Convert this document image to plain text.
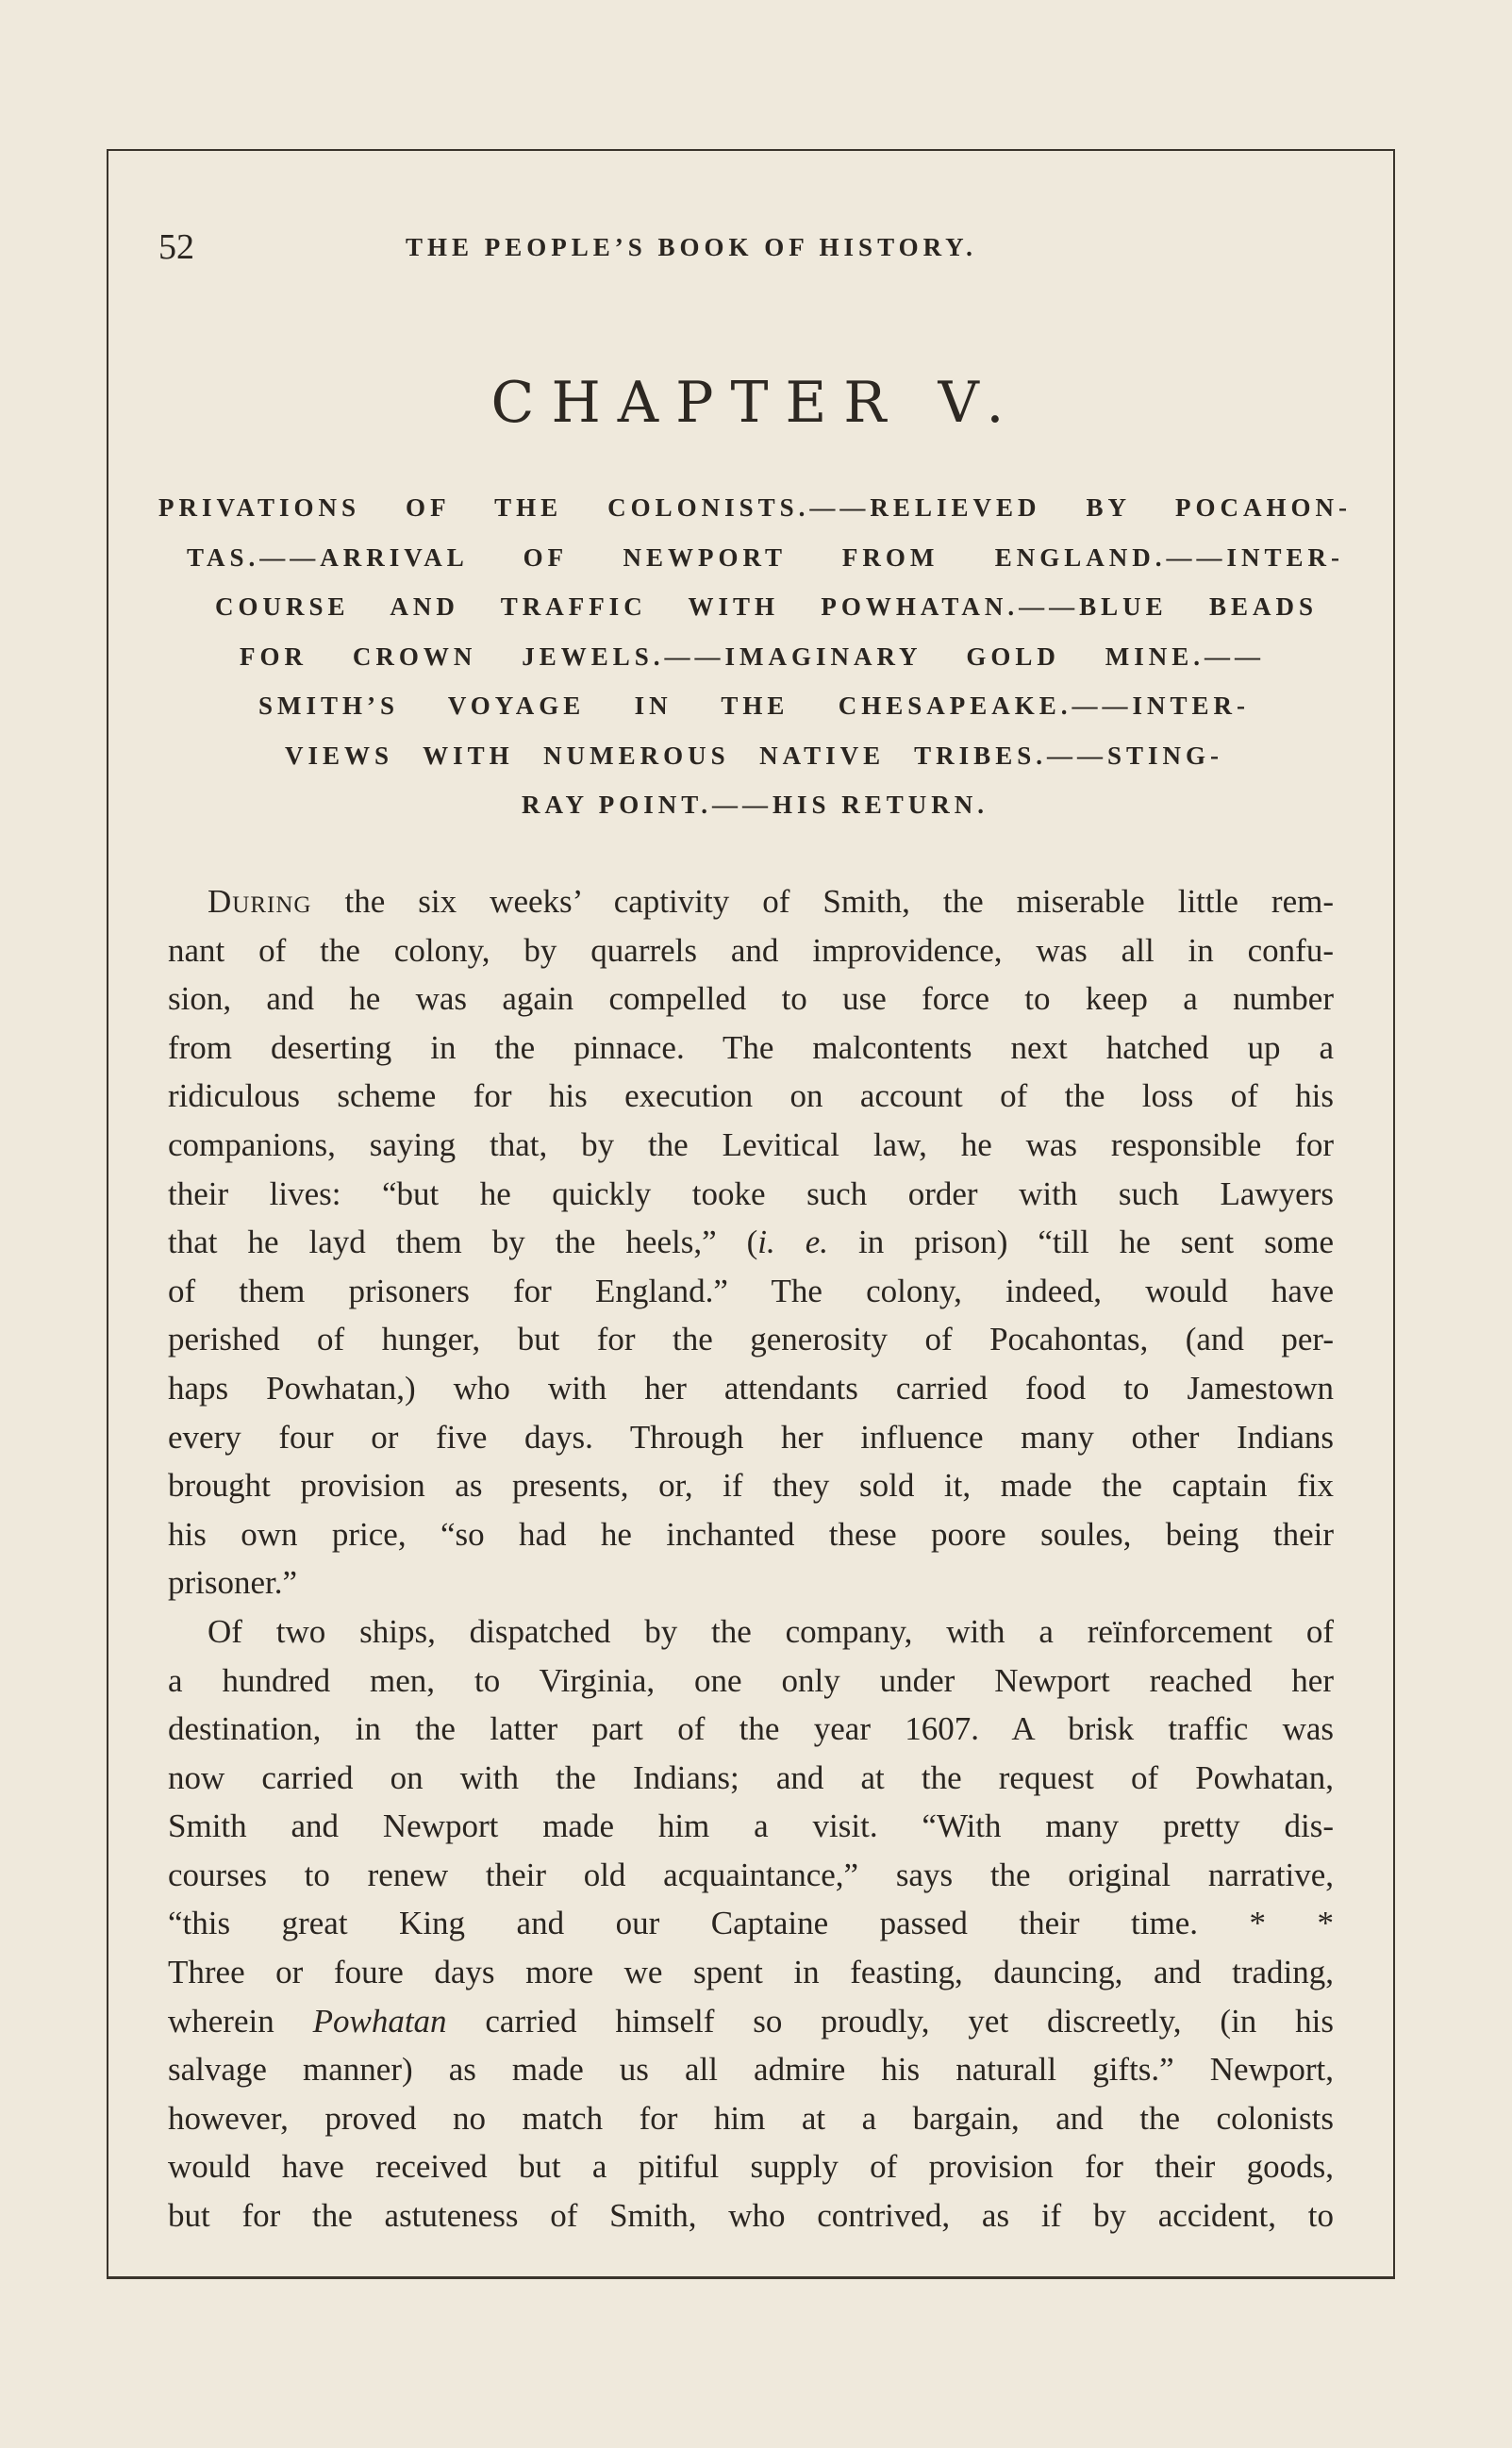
52	THE PEOPLE’S BOOK OF HISTORY.
CHAPTER V.
PRIVATIONS OF THE COLONISTS.——RELIEVED BY POCAHON-
TAS.——ARRIVAL OF NEWPORT FROM ENGLAND.——INTER-
COURSE AND TRAFFIC WITH POWHATAN.——BLUE BEADS
FOR CROWN JEWELS.——IMAGINARY GOLD MINE.——
SMITH’S VOYAGE IN THE CHESAPEAKE.——INTER-
VIEWS WITH NUMEROUS NATIVE TRIBES.——STING-
RAY POINT.——HIS RETURN.

During the six weeks’ captivity of Smith, the miserable little rem-
nant of the colony, by quarrels and improvidence, was all in confu-
sion, and he was again compelled to use force to keep a number
from deserting in the pinnace. The malcontents next hatched up a
ridiculous scheme for his execution on account of the loss of his
companions, saying that, by the Levitical law, he was responsible for
their lives: “but he quickly tooke such order with such Lawyers
that he layd them by the heels,” (i. e. in prison) “till he sent some
of them prisoners for England.” The colony, indeed, would have
perished of hunger, but for the generosity of Pocahontas, (and per-
haps Powhatan,) who with her attendants carried food to Jamestown
every four or five days. Through her influence many other Indians
brought provision as presents, or, if they sold it, made the captain fix
his own price, “so had he inchanted these poore soules, being their
prisoner.”

Of two ships, dispatched by the company, with a reïnforcement of
a hundred men, to Virginia, one only under Newport reached her
destination, in the latter part of the year 1607. A brisk traffic was
now carried on with the Indians; and at the request of Powhatan,
Smith and Newport made him a visit. “With many pretty dis-
courses to renew their old acquaintance,” says the original narrative,
“this great King and our Captaine passed their time. * *
Three or foure days more we spent in feasting, dauncing, and trading,
wherein Powhatan carried himself so proudly, yet discreetly, (in his
salvage manner) as made us all admire his naturall gifts.” Newport,
however, proved no match for him at a bargain, and the colonists
would have received but a pitiful supply of provision for their goods,
but for the astuteness of Smith, who contrived, as if by accident, to
